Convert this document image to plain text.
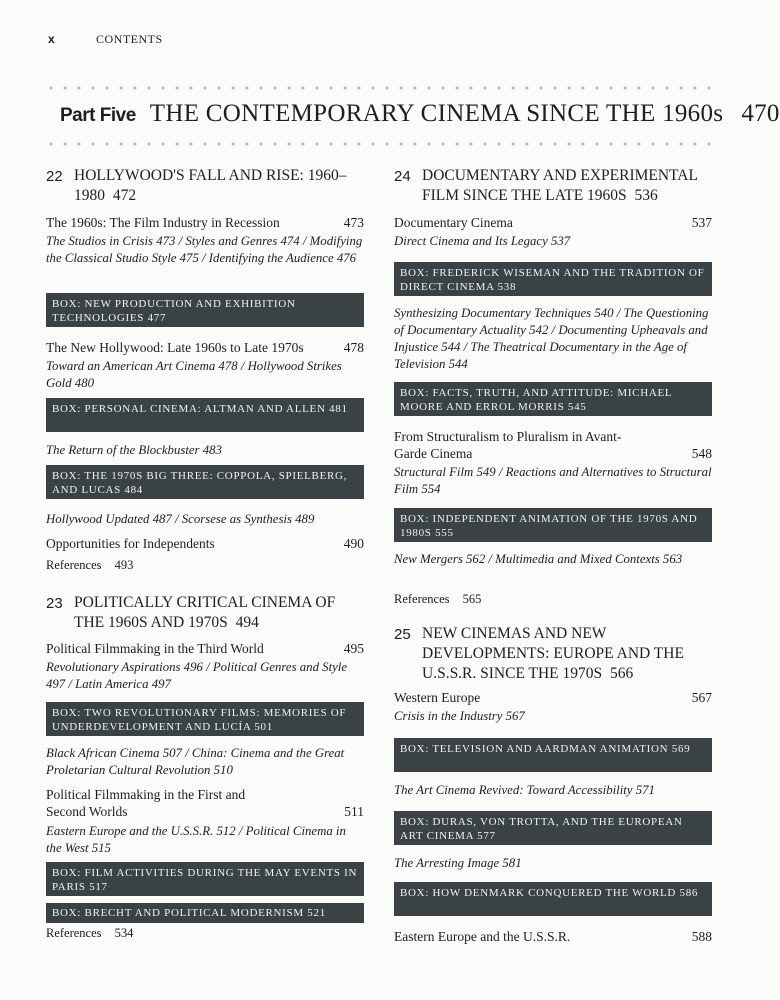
x	CONTENTS
Part Five THE CONTEMPORARY CINEMA SINCE THE 1960s 470
22 HOLLYWOOD'S FALL AND RISE: 1960–1980 472
The 1960s: The Film Industry in Recession	473
The Studios in Crisis 473 / Styles and Genres 474 / Modifying the Classical Studio Style 475 / Identifying the Audience 476
BOX: NEW PRODUCTION AND EXHIBITION TECHNOLOGIES 477
The New Hollywood: Late 1960s to Late 1970s	478
Toward an American Art Cinema 478 / Hollywood Strikes Gold 480
BOX: PERSONAL CINEMA: ALTMAN AND ALLEN 481
The Return of the Blockbuster 483
BOX: THE 1970S BIG THREE: COPPOLA, SPIELBERG, AND LUCAS 484
Hollywood Updated 487 / Scorsese as Synthesis 489
Opportunities for Independents	490
References 493
23 POLITICALLY CRITICAL CINEMA OF THE 1960S AND 1970S 494
Political Filmmaking in the Third World	495
Revolutionary Aspirations 496 / Political Genres and Style 497 / Latin America 497
BOX: TWO REVOLUTIONARY FILMS: MEMORIES OF UNDERDEVELOPMENT AND LUCÍA 501
Black African Cinema 507 / China: Cinema and the Great Proletarian Cultural Revolution 510
Political Filmmaking in the First and Second Worlds	511
Eastern Europe and the U.S.S.R. 512 / Political Cinema in the West 515
BOX: FILM ACTIVITIES DURING THE MAY EVENTS IN PARIS 517
BOX: BRECHT AND POLITICAL MODERNISM 521
References 534
24 DOCUMENTARY AND EXPERIMENTAL FILM SINCE THE LATE 1960S 536
Documentary Cinema	537
Direct Cinema and Its Legacy 537
BOX: FREDERICK WISEMAN AND THE TRADITION OF DIRECT CINEMA 538
Synthesizing Documentary Techniques 540 / The Questioning of Documentary Actuality 542 / Documenting Upheavals and Injustice 544 / The Theatrical Documentary in the Age of Television 544
BOX: FACTS, TRUTH, AND ATTITUDE: MICHAEL MOORE AND ERROL MORRIS 545
From Structuralism to Pluralism in Avant-Garde Cinema	548
Structural Film 549 / Reactions and Alternatives to Structural Film 554
BOX: INDEPENDENT ANIMATION OF THE 1970S AND 1980S 555
New Mergers 562 / Multimedia and Mixed Contexts 563
References 565
25 NEW CINEMAS AND NEW DEVELOPMENTS: EUROPE AND THE U.S.S.R. SINCE THE 1970S 566
Western Europe	567
Crisis in the Industry 567
BOX: TELEVISION AND AARDMAN ANIMATION 569
The Art Cinema Revived: Toward Accessibility 571
BOX: DURAS, VON TROTTA, AND THE EUROPEAN ART CINEMA 577
The Arresting Image 581
BOX: HOW DENMARK CONQUERED THE WORLD 586
Eastern Europe and the U.S.S.R.	588
